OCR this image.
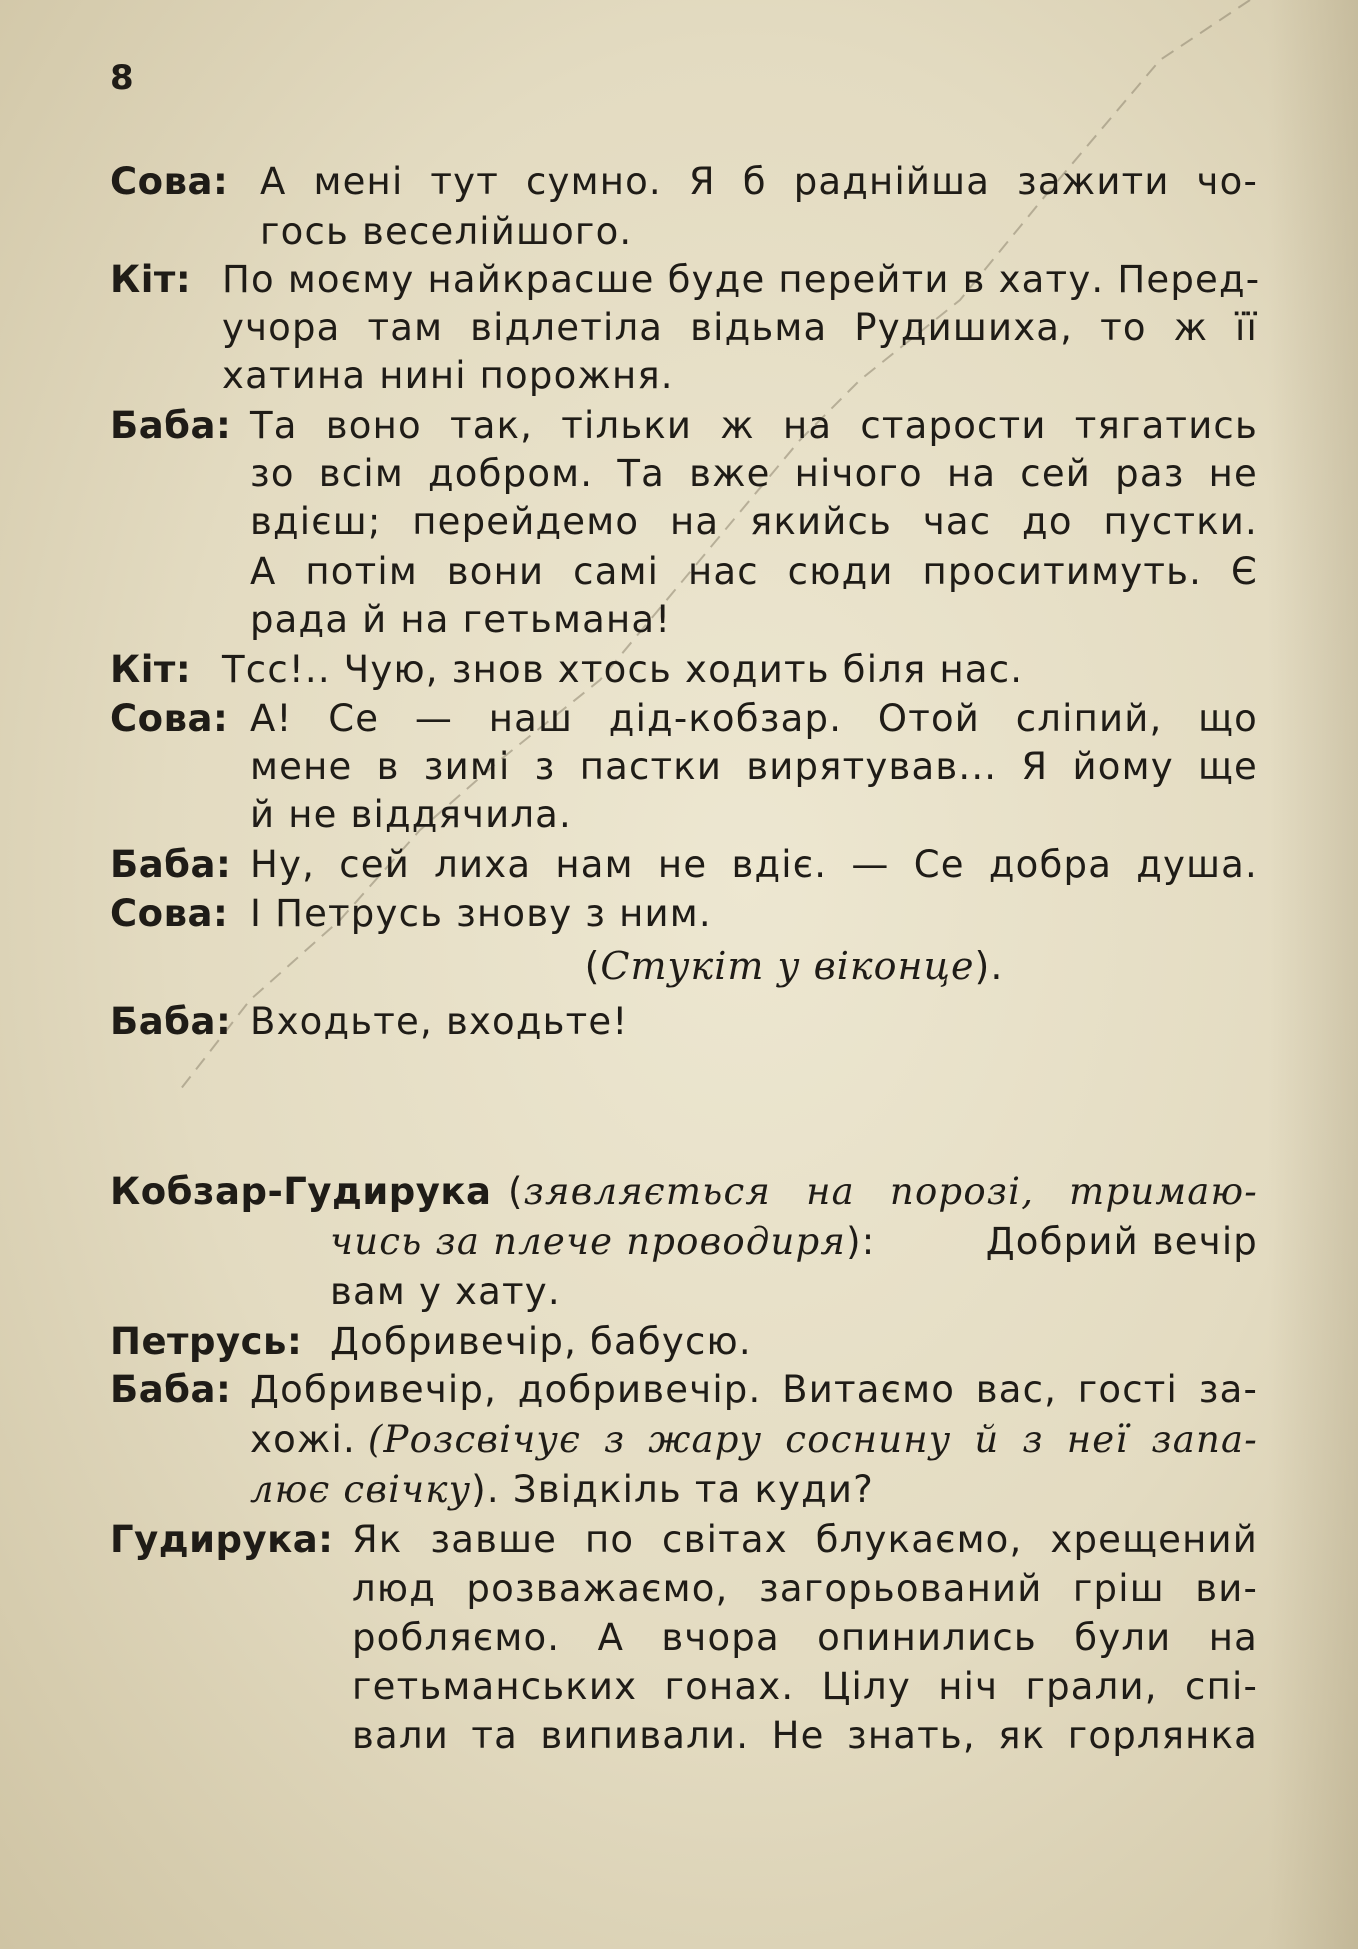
8
Сова: А мені тут сумно. Я б раднійша зажити чо-
гось веселійшого.
Кіт: По моєму найкрасше буде перейти в хату. Перед-
учора там відлетіла відьма Рудишиха, то ж її
хатина нині порожня.
Баба: Та воно так, тільки ж на старости тягатись
зо всім добром. Та вже нічого на сей раз не
вдієш; перейдемо на якийсь час до пустки.
А потім вони самі нас сюди проситимуть. Є
рада й на гетьмана!
Кіт: Тсс!.. Чую, знов хтось ходить біля нас.
Сова: А! Се — наш дід-кобзар. Отой сліпий, що
мене в зимі з пастки вирятував... Я йому ще
й не віддячила.
Баба: Ну, сей лиха нам не вдіє. — Се добра душа.
Сова: І Петрусь знову з ним.
(Стукіт у віконце).
Баба: Входьте, входьте!
Кобзар-Гудирука ( зявляється на порозі, тримаю-
чись за плече проводиря ):	Добрий вечір
вам у хату.
Петрусь: Добривечір, бабусю.
Баба: Добривечір, добривечір. Витаємо вас, гості за-
хожі. (Розсвічує з жару соснину й з неї запа-
лює свічку). Звідкіль та куди?
Гудирука: Як завше по світах блукаємо, хрещений
люд розважаємо, загорьований гріш ви-
робляємо. А вчора опинились були на
гетьманських гонах. Цілу ніч грали, спі-
вали та випивали. Не знать, як горлянка
